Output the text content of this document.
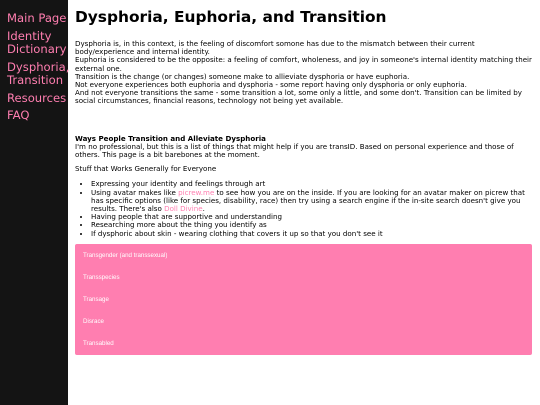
Main Page
Identity
Dictionary
Dysphoria,
Transition
Resources
FAQ
Dysphoria, Euphoria, and Transition

Dysphoria is, in this context, is the feeling of discomfort somone has due to the mismatch between their current body/experience and internal identity.

Euphoria is considered to be the opposite: a feeling of comfort, wholeness, and joy in someone's internal identity matching their external one.

Transition is the change (or changes) someone make to allieviate dysphoria or have euphoria.

Not everyone experiences both euphoria and dysphoria - some report having only dysphoria or only euphoria.

And not everyone transitions the same - some transition a lot, some only a little, and some don't. Transition can be limited by social circumstances, financial reasons, technology not being yet available.

Ways People Transition and Alleviate Dysphoria

I'm no professional, but this is a list of things that might help if you are transID. Based on personal experience and those of others. This page is a bit barebones at the moment.

Stuff that Works Generally for Everyone

• Expressing your identity and feelings through art
• Using avatar makes like picrew.me to see how you are on the inside. If you are looking for an avatar maker on picrew that has specific options (like for species, disability, race) then try using a search engine if the in-site search doesn't give you results. There's also Doll Divine.
• Having people that are supportive and understanding
• Researching more about the thing you identify as
• If dysphoric about skin - wearing clothing that covers it up so that you don't see it
Transgender (and transsexual)
Transspecies
Transage
Disrace
Transabled
